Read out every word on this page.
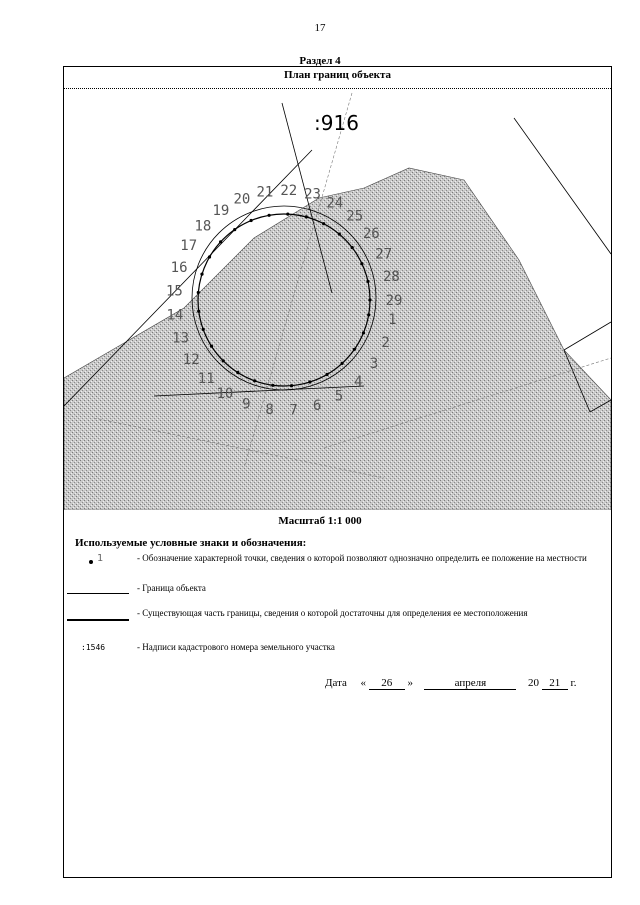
17
Раздел 4
План границ объекта
1
2
3
4
5
6
7
8
9
10
11
12
13
14
15
16
17
18
19
20 21 22 23
24
25
26
27
28
29
:916
Масштаб 1:1 000
Используемые условные знаки и обозначения:
1	- Обозначение характерной точки, сведения о которой позволяют однозначно определить ее положение на местности
- Граница объекта
- Существующая часть границы, сведения о которой достаточны для определения ее местоположения
:1546	- Надписи кадастрового номера земельного участка
Дата « 26 »	апреля	20 21 г.
